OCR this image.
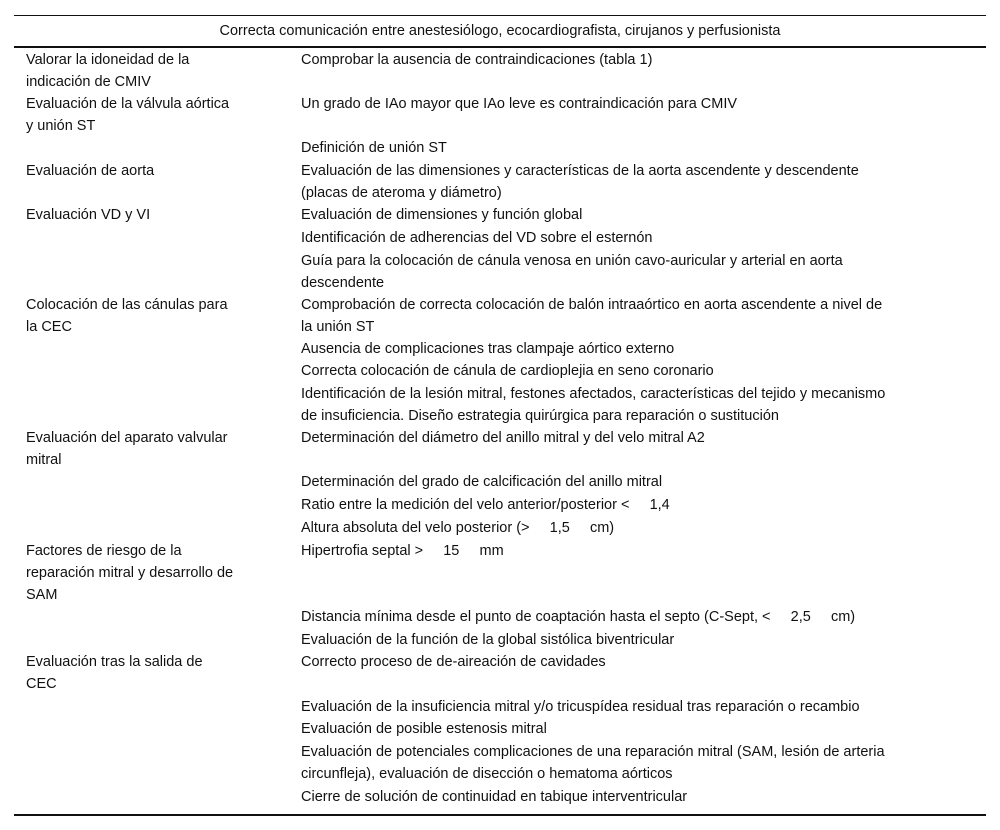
Correcta comunicación entre anestesiólogo, ecocardiografista, cirujanos y perfusionista
Valorar la idoneidad de la
indicación de CMIV
Comprobar la ausencia de contraindicaciones (tabla 1)
Evaluación de la válvula aórtica
y unión ST
Un grado de IAo mayor que IAo leve es contraindicación para CMIV
Definición de unión ST
Evaluación de aorta	Evaluación de las dimensiones y características de la aorta ascendente y descendente
(placas de ateroma y diámetro)
Evaluación VD y VI	Evaluación de dimensiones y función global
Identificación de adherencias del VD sobre el esternón
Guía para la colocación de cánula venosa en unión cavo-auricular y arterial en aorta
descendente
Colocación de las cánulas para
la CEC
Comprobación de correcta colocación de balón intraaórtico en aorta ascendente a nivel de
la unión ST
Ausencia de complicaciones tras clampaje aórtico externo
Correcta colocación de cánula de cardioplejia en seno coronario
Identificación de la lesión mitral, festones afectados, características del tejido y mecanismo
de insuficiencia. Diseño estrategia quirúrgica para reparación o sustitución
Evaluación del aparato valvular
mitral
Determinación del diámetro del anillo mitral y del velo mitral A2
Determinación del grado de calcificación del anillo mitral
Ratio entre la medición del velo anterior/posterior <     1,4
Altura absoluta del velo posterior (>     1,5     cm)
Factores de riesgo de la
reparación mitral y desarrollo de
SAM
Hipertrofia septal >     15     mm
Distancia mínima desde el punto de coaptación hasta el septo (C-Sept, <     2,5     cm)
Evaluación de la función de la global sistólica biventricular
Evaluación tras la salida de
CEC
Correcto proceso de de-aireación de cavidades
Evaluación de la insuficiencia mitral y/o tricuspídea residual tras reparación o recambio
Evaluación de posible estenosis mitral
Evaluación de potenciales complicaciones de una reparación mitral (SAM, lesión de arteria
circunfleja), evaluación de disección o hematoma aórticos
Cierre de solución de continuidad en tabique interventricular
